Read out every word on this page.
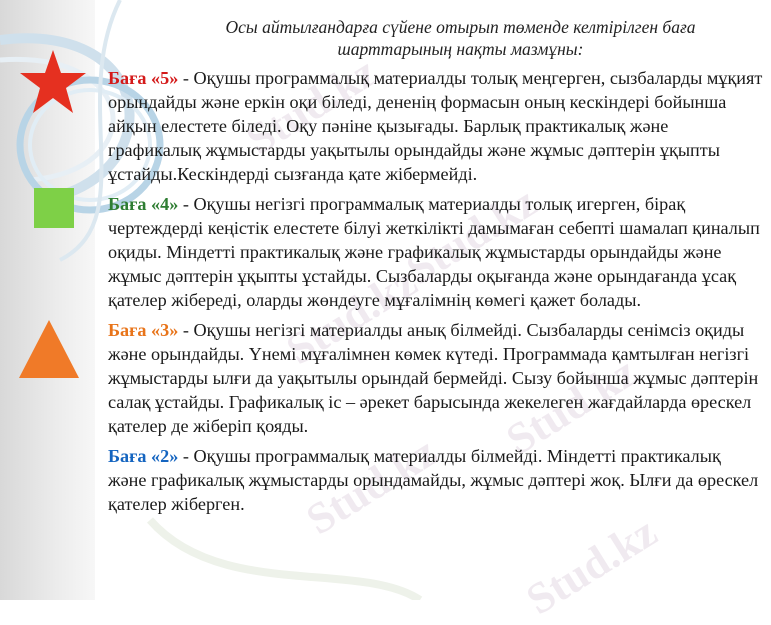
Stud.kz
Stud.kz
Stud.kz
Stud.kz
Stud.kz
Stud.kz

Осы айтылғандарға сүйене отырып төменде келтірілген баға
шарттарының нақты мазмұны:

Баға «5» - Оқушы программалық материалды толық меңгерген, сызбаларды мұқият орындайды және еркін оқи біледі, дененің формасын оның кескіндері бойынша айқын елестете біледі. Оқу пәніне қызығады. Барлық практикалық және графикалық жұмыстарды уақытылы орындайды және жұмыс дәптерін ұқыпты ұстайды.Кескіндерді сызғанда қате жібермейді.

Баға «4» - Оқушы негізгі программалық материалды толық игерген, бірақ чертеждерді кеңістік елестете білуі жеткілікті дамымаған себепті шамалап қиналып оқиды. Міндетті практикалық және графикалық жұмыстарды орындайды және жұмыс дәптерін ұқыпты ұстайды. Сызбаларды оқығанда және орындағанда ұсақ қателер жібереді, оларды жөндеуге мұғалімнің көмегі қажет болады.

Баға «3» - Оқушы негізгі материалды анық білмейді. Сызбаларды сенімсіз оқиды және орындайды. Үнемі мұғалімнен көмек күтеді. Программада қамтылған негізгі жұмыстарды ылғи да уақытылы орындай бермейді. Сызу бойынша жұмыс дәптерін салақ ұстайды. Графикалық іс – әрекет барысында жекелеген жағдайларда өрескел қателер де жіберіп қояды.

Баға «2» - Оқушы программалық материалды білмейді. Міндетті практикалық және графикалық жұмыстарды орындамайды, жұмыс дәптері жоқ. Ылғи да өрескел қателер жіберген.
